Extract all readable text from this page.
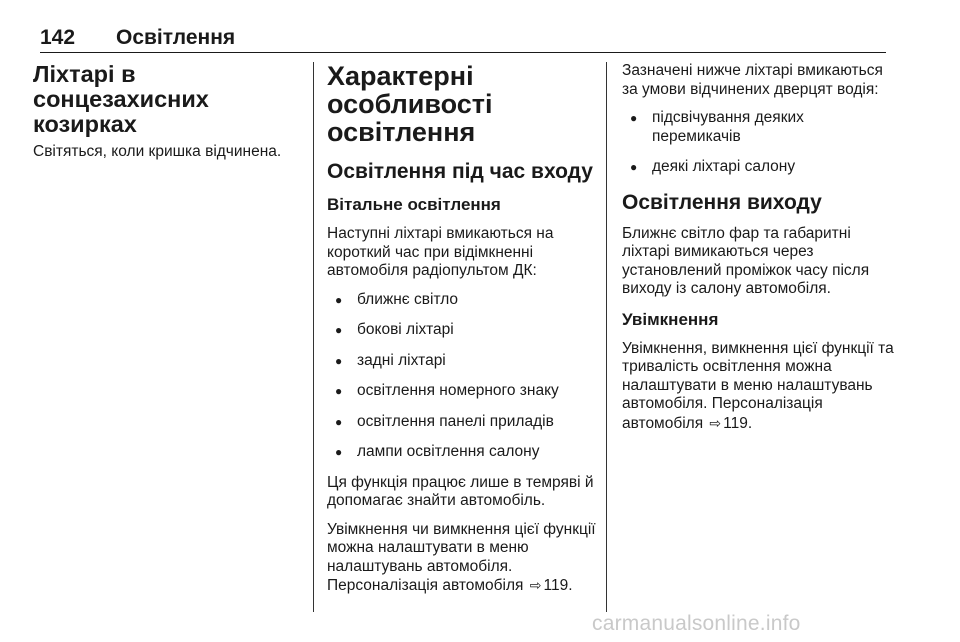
142 Освітлення
Ліхтарі в сонцезахисних козирках
Світяться, коли кришка відчинена.
Характерні особливості освітлення
Освітлення під час входу
Вітальне освітлення
Наступні ліхтарі вмикаються на короткий час при відімкненні автомобіля радіопультом ДК:
● ближнє світло
● бокові ліхтарі
● задні ліхтарі
● освітлення номерного знаку
● освітлення панелі приладів
● лампи освітлення салону
Ця функція працює лише в темряві й допомагає знайти автомобіль.
Увімкнення чи вимкнення цієї функції можна налаштувати в меню налаштувань автомобіля. Персоналізація автомобіля ⇨ 119.
Зазначені нижче ліхтарі вмикаються за умови відчинених дверцят водія:
● підсвічування деяких перемикачів
● деякі ліхтарі салону
Освітлення виходу
Ближнє світло фар та габаритні ліхтарі вимикаються через установлений проміжок часу після виходу із салону автомобіля.
Увімкнення
Увімкнення, вимкнення цієї функції та тривалість освітлення можна налаштувати в меню налаштувань автомобіля. Персоналізація автомобіля ⇨ 119.
carmanualsonline.info
